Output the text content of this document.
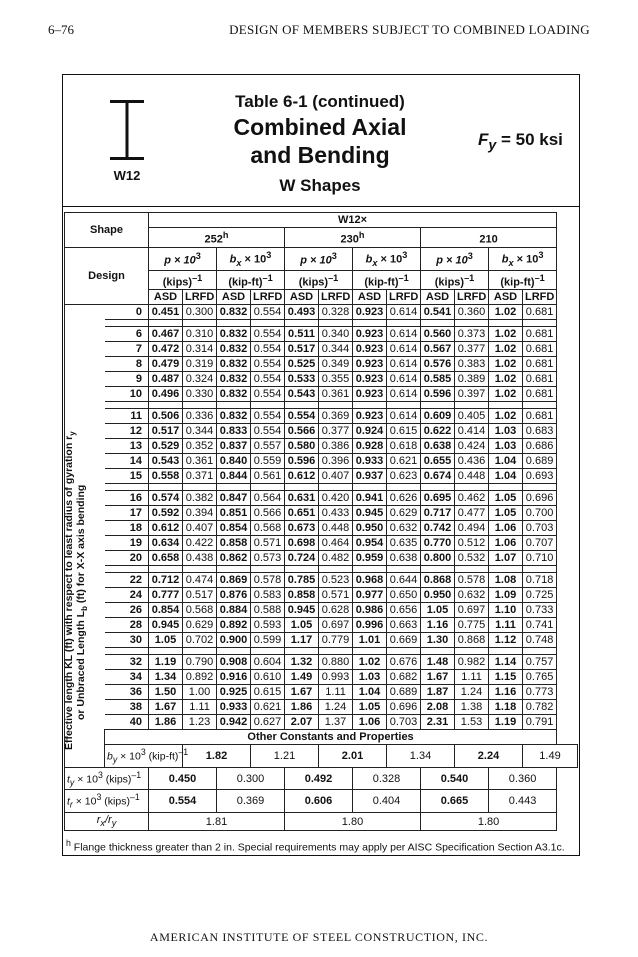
6–76	DESIGN OF MEMBERS SUBJECT TO COMBINED LOADING
W12
Table 6-1 (continued)
Combined Axial
and Bending
W Shapes
$F_y = 50$ ksi
Effective length KL (ft) with respect to least radius of gyration $r_y$
or Unbraced Length $L_b$ (ft) for X-X axis bending
Shape		W12×											
		252$^h$				230$^h$				210			
Design		$p \times 10^3$		$b_x \times 10^3$		$p \times 10^3$		$b_x \times 10^3$		$p \times 10^3$		$b_x \times 10^3$
		(kips)$^{-1}$		$(kip-ft)^{-1}$		(kips)$^{-1}$		$(kip-ft)^{-1}$		(kips)$^{-1}$		$(kip-ft)^{-1}$
		ASD	LRFD	ASD	LRFD	ASD	LRFD	ASD	LRFD	ASD	LRFD	ASD	LRFD
	0	0.451	0.300	0.832	0.554	0.493	0.328	0.923	0.614	0.541	0.360	1.02	0.681

	6	0.467	0.310	0.832	0.554	0.511	0.340	0.923	0.614	0.560	0.373	1.02	0.681
	7	0.472	0.314	0.832	0.554	0.517	0.344	0.923	0.614	0.567	0.377	1.02	0.681
	8	0.479	0.319	0.832	0.554	0.525	0.349	0.923	0.614	0.576	0.383	1.02	0.681
	9	0.487	0.324	0.832	0.554	0.533	0.355	0.923	0.614	0.585	0.389	1.02	0.681
	10	0.496	0.330	0.832	0.554	0.543	0.361	0.923	0.614	0.596	0.397	1.02	0.681

	11	0.506	0.336	0.832	0.554	0.554	0.369	0.923	0.614	0.609	0.405	1.02	0.681
	12	0.517	0.344	0.833	0.554	0.566	0.377	0.924	0.615	0.622	0.414	1.03	0.683
	13	0.529	0.352	0.837	0.557	0.580	0.386	0.928	0.618	0.638	0.424	1.03	0.686
	14	0.543	0.361	0.840	0.559	0.596	0.396	0.933	0.621	0.655	0.436	1.04	0.689
	15	0.558	0.371	0.844	0.561	0.612	0.407	0.937	0.623	0.674	0.448	1.04	0.693

	16	0.574	0.382	0.847	0.564	0.631	0.420	0.941	0.626	0.695	0.462	1.05	0.696
	17	0.592	0.394	0.851	0.566	0.651	0.433	0.945	0.629	0.717	0.477	1.05	0.700
	18	0.612	0.407	0.854	0.568	0.673	0.448	0.950	0.632	0.742	0.494	1.06	0.703
	19	0.634	0.422	0.858	0.571	0.698	0.464	0.954	0.635	0.770	0.512	1.06	0.707
	20	0.658	0.438	0.862	0.573	0.724	0.482	0.959	0.638	0.800	0.532	1.07	0.710

	22	0.712	0.474	0.869	0.578	0.785	0.523	0.968	0.644	0.868	0.578	1.08	0.718
	24	0.777	0.517	0.876	0.583	0.858	0.571	0.977	0.650	0.950	0.632	1.09	0.725
	26	0.854	0.568	0.884	0.588	0.945	0.628	0.986	0.656	1.05	0.697	1.10	0.733
	28	0.945	0.629	0.892	0.593	1.05	0.697	0.996	0.663	1.16	0.775	1.11	0.741
	30	1.05	0.702	0.900	0.599	1.17	0.779	1.01	0.669	1.30	0.868	1.12	0.748

	32	1.19	0.790	0.908	0.604	1.32	0.880	1.02	0.676	1.48	0.982	1.14	0.757
	34	1.34	0.892	0.916	0.610	1.49	0.993	1.03	0.682	1.67	1.11	1.15	0.765
	36	1.50	1.00	0.925	0.615	1.67	1.11	1.04	0.689	1.87	1.24	1.16	0.773
	38	1.67	1.11	0.933	0.621	1.86	1.24	1.05	0.696	2.08	1.38	1.18	0.782
	40	1.86	1.23	0.942	0.627	2.07	1.37	1.06	0.703	2.31	1.53	1.19	0.791
	Other Constants and Properties												
	$b_y \times 10^3$ $(kip-ft)^{-1}$		1.82		1.21		2.01		1.34		2.24		1.49
$t_y \times 10^3$ (kips)$^{-1}$		0.450		0.300		0.492		0.328		0.540		0.360	
$t_r \times 10^3$ (kips)$^{-1}$		0.554		0.369		0.606		0.404		0.665		0.443	
$r_x/r_y$		1.81				1.80				1.80			
$^h$ Flange thickness greater than 2 in. Special requirements may apply per AISC Specification Section A3.1c.
AMERICAN INSTITUTE OF STEEL CONSTRUCTION, INC.
